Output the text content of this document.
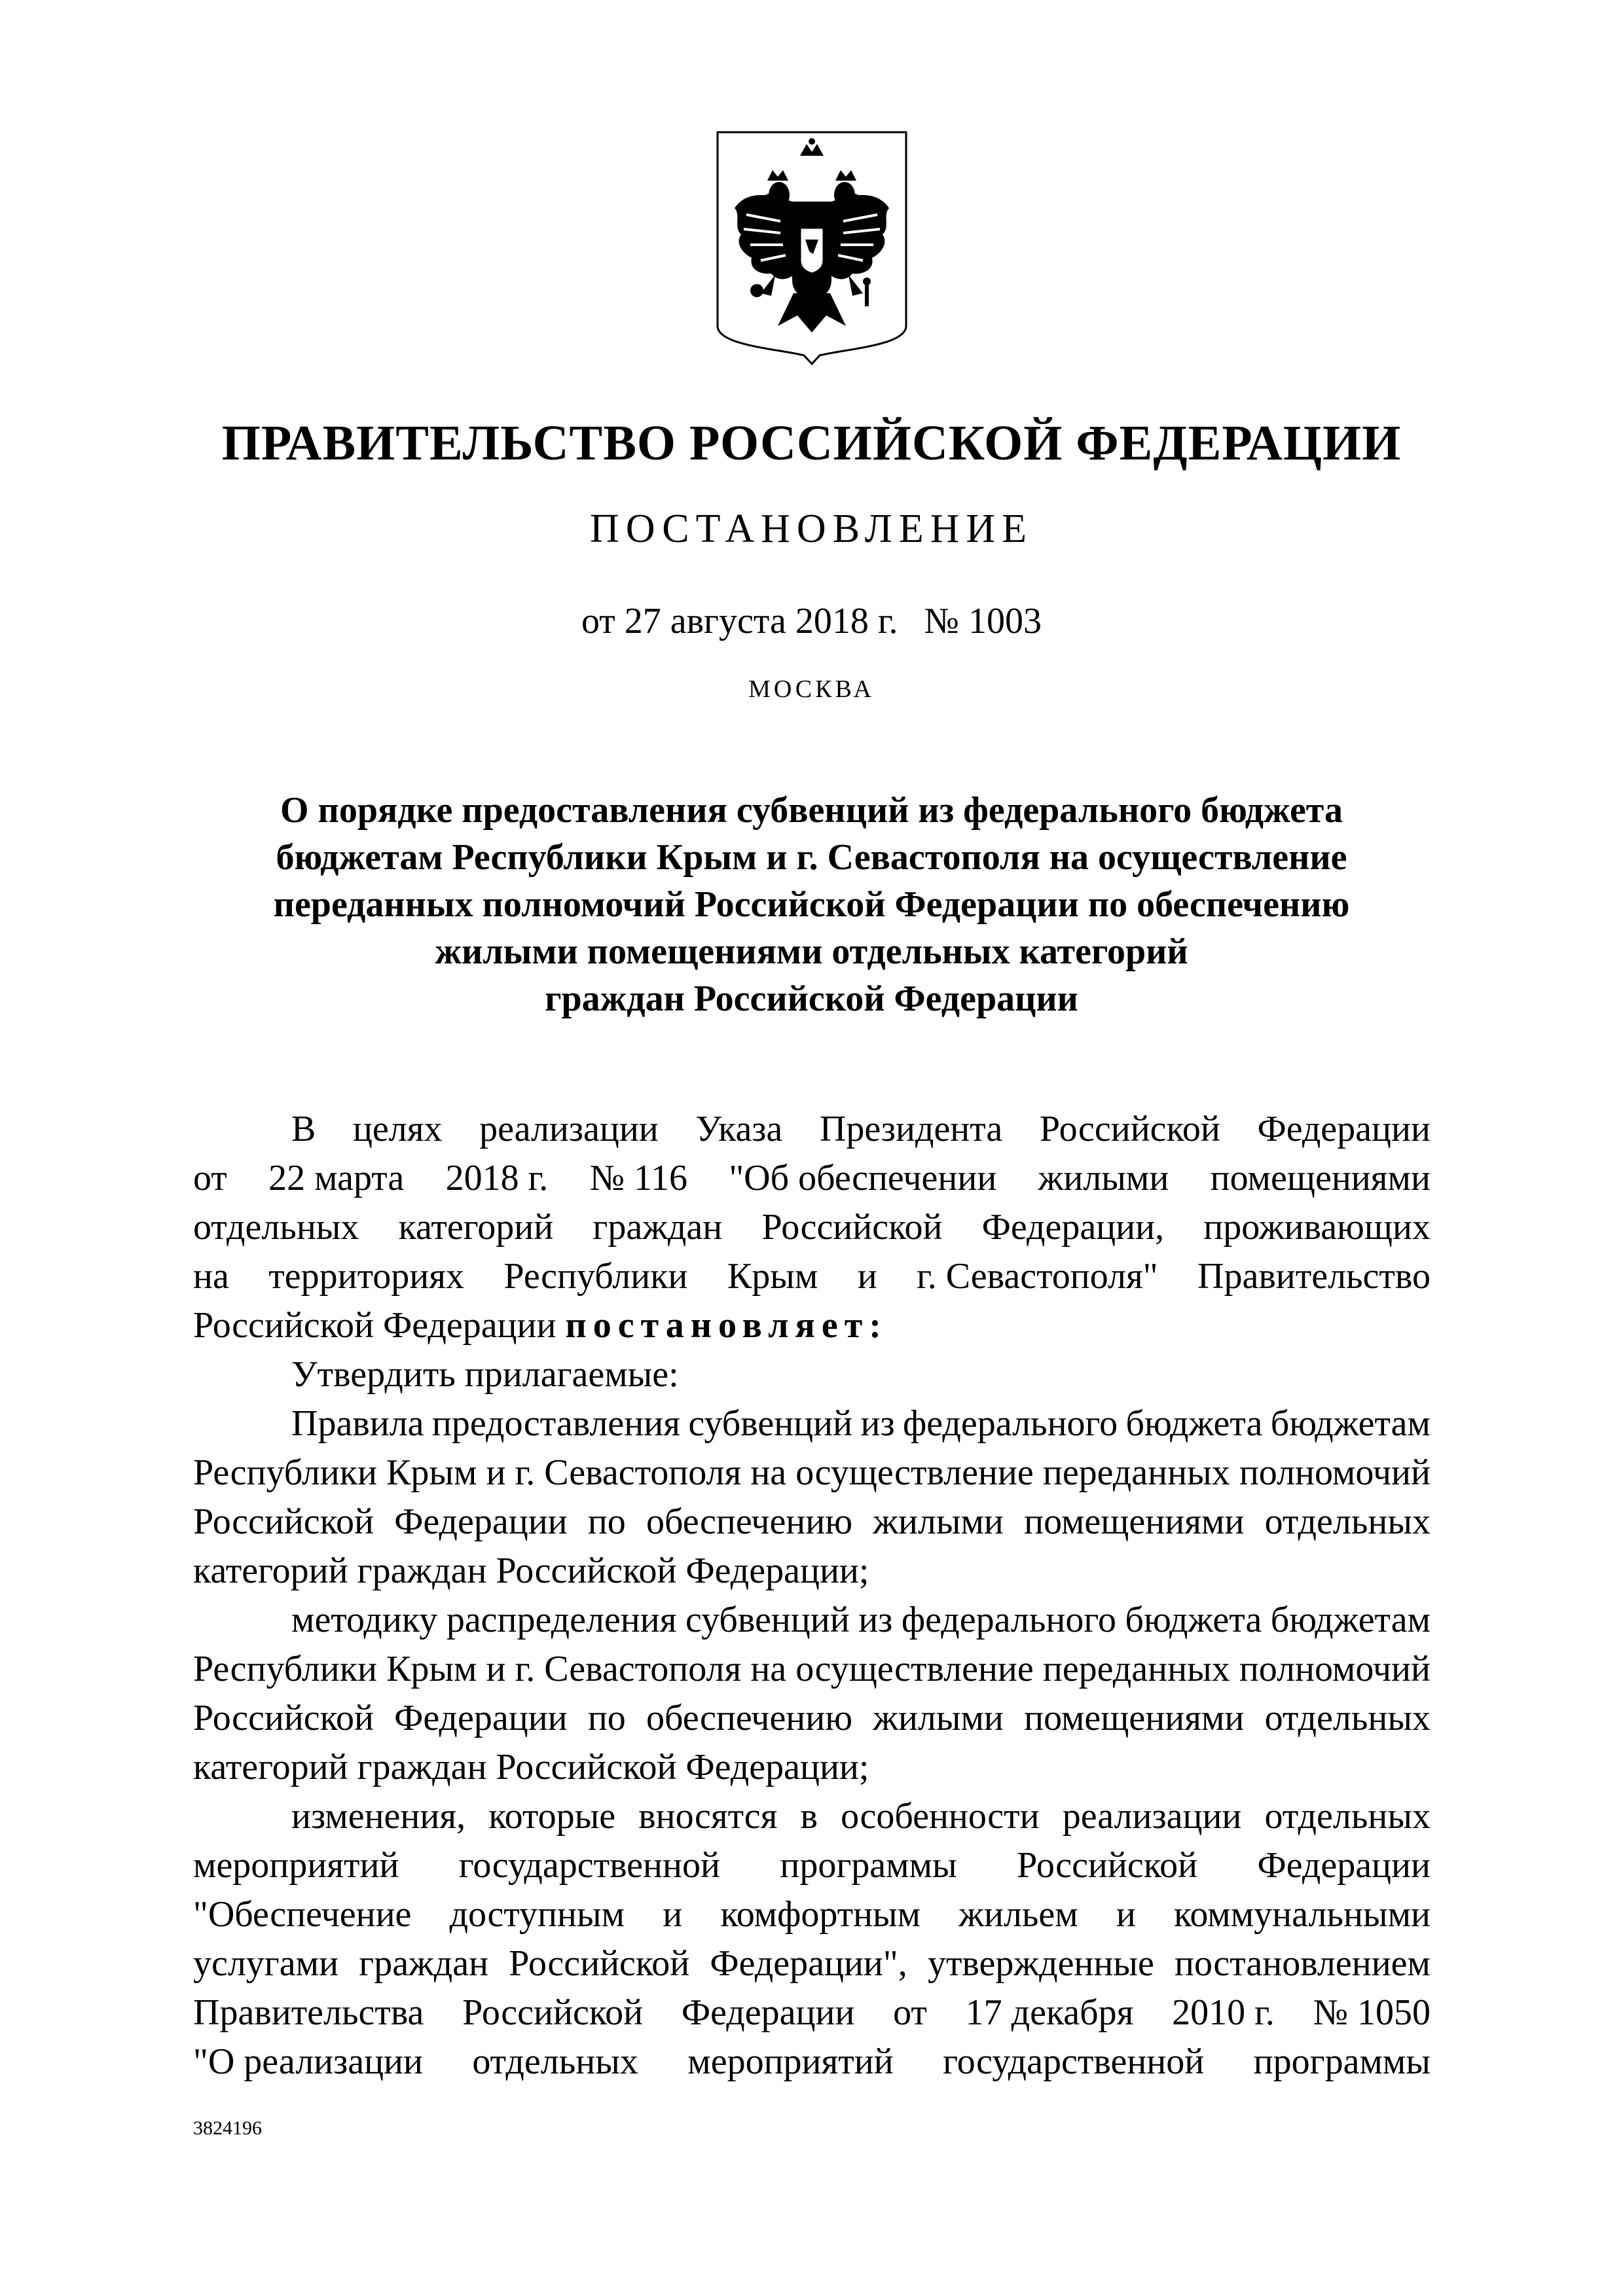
ПРАВИТЕЛЬСТВО РОССИЙСКОЙ ФЕДЕРАЦИИ
ПОСТАНОВЛЕНИЕ
от 27 августа 2018 г. № 1003
МОСКВА
О порядке предоставления субвенций из федерального бюджета
бюджетам Республики Крым и г. Севастополя на осуществление
переданных полномочий Российской Федерации по обеспечению
жилыми помещениями отдельных категорий
граждан Российской Федерации
В целях реализации Указа Президента Российской Федерации
от 22 марта 2018 г. № 116 "Об обеспечении жилыми помещениями
отдельных категорий граждан Российской Федерации, проживающих
на территориях Республики Крым и г. Севастополя" Правительство
Российской Федерации постановляет:
Утвердить прилагаемые:
Правила предоставления субвенций из федерального бюджета бюджетам
Республики Крым и г. Севастополя на осуществление переданных полномочий
Российской Федерации по обеспечению жилыми помещениями отдельных
категорий граждан Российской Федерации;
методику распределения субвенций из федерального бюджета бюджетам
Республики Крым и г. Севастополя на осуществление переданных полномочий
Российской Федерации по обеспечению жилыми помещениями отдельных
категорий граждан Российской Федерации;
изменения, которые вносятся в особенности реализации отдельных
мероприятий государственной программы Российской Федерации
"Обеспечение доступным и комфортным жильем и коммунальными
услугами граждан Российской Федерации", утвержденные постановлением
Правительства Российской Федерации от 17 декабря 2010 г. № 1050
"О реализации отдельных мероприятий государственной программы
3824196
